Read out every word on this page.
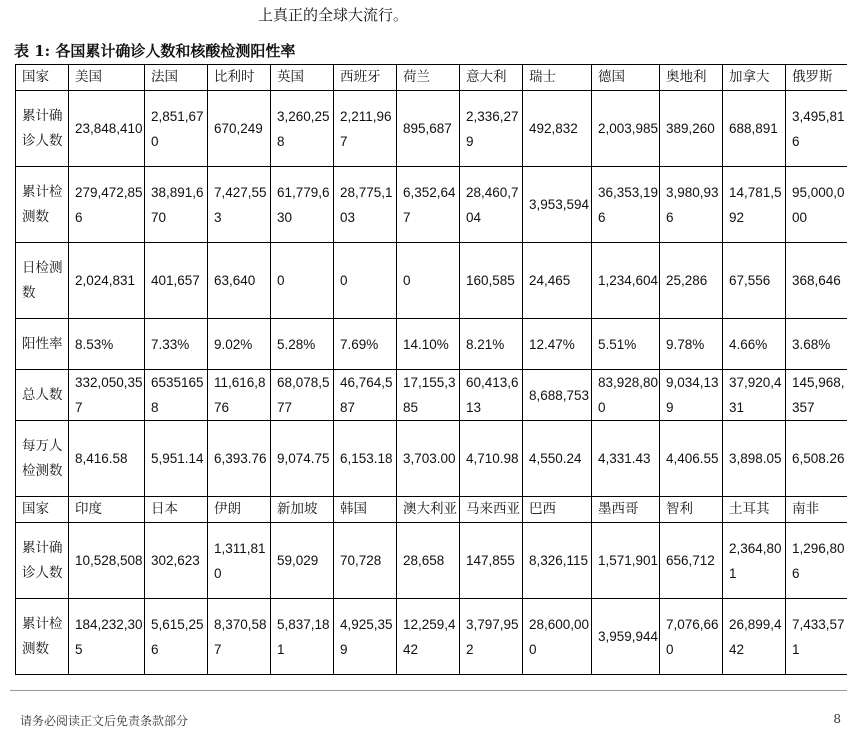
上真正的全球大流行。
表 1: 各国累计确诊人数和核酸检测阳性率
国家	美国	法国	比利时	英国	西班牙	荷兰	意大利	瑞士	德国	奥地利	加拿大	俄罗斯
累计确诊人数	23,848,410	2,851,670	670,249	3,260,258	2,211,967	895,687	2,336,279	492,832	2,003,985	389,260	688,891	3,495,816
累计检测数	279,472,856	38,891,670	7,427,553	61,779,630	28,775,103	6,352,647	28,460,704	3,953,594	36,353,196	3,980,936	14,781,592	95,000,000
日检测数	2,024,831	401,657	63,640	0	0	0	160,585	24,465	1,234,604	25,286	67,556	368,646
阳性率	8.53%	7.33%	9.02%	5.28%	7.69%	14.10%	8.21%	12.47%	5.51%	9.78%	4.66%	3.68%
总人数	332,050,357	65351658	11,616,876	68,078,577	46,764,587	17,155,385	60,413,613	8,688,753	83,928,800	9,034,139	37,920,431	145,968,357
每万人检测数	8,416.58	5,951.14	6,393.76	9,074.75	6,153.18	3,703.00	4,710.98	4,550.24	4,331.43	4,406.55	3,898.05	6,508.26
国家	印度	日本	伊朗	新加坡	韩国	澳大利亚	马来西亚	巴西	墨西哥	智利	土耳其	南非
累计确诊人数	10,528,508	302,623	1,311,810	59,029	70,728	28,658	147,855	8,326,115	1,571,901	656,712	2,364,801	1,296,806
累计检测数	184,232,305	5,615,256	8,370,587	5,837,181	4,925,359	12,259,442	3,797,952	28,600,000	3,959,944	7,076,660	26,899,442	7,433,571
请务必阅读正文后免责条款部分	8
